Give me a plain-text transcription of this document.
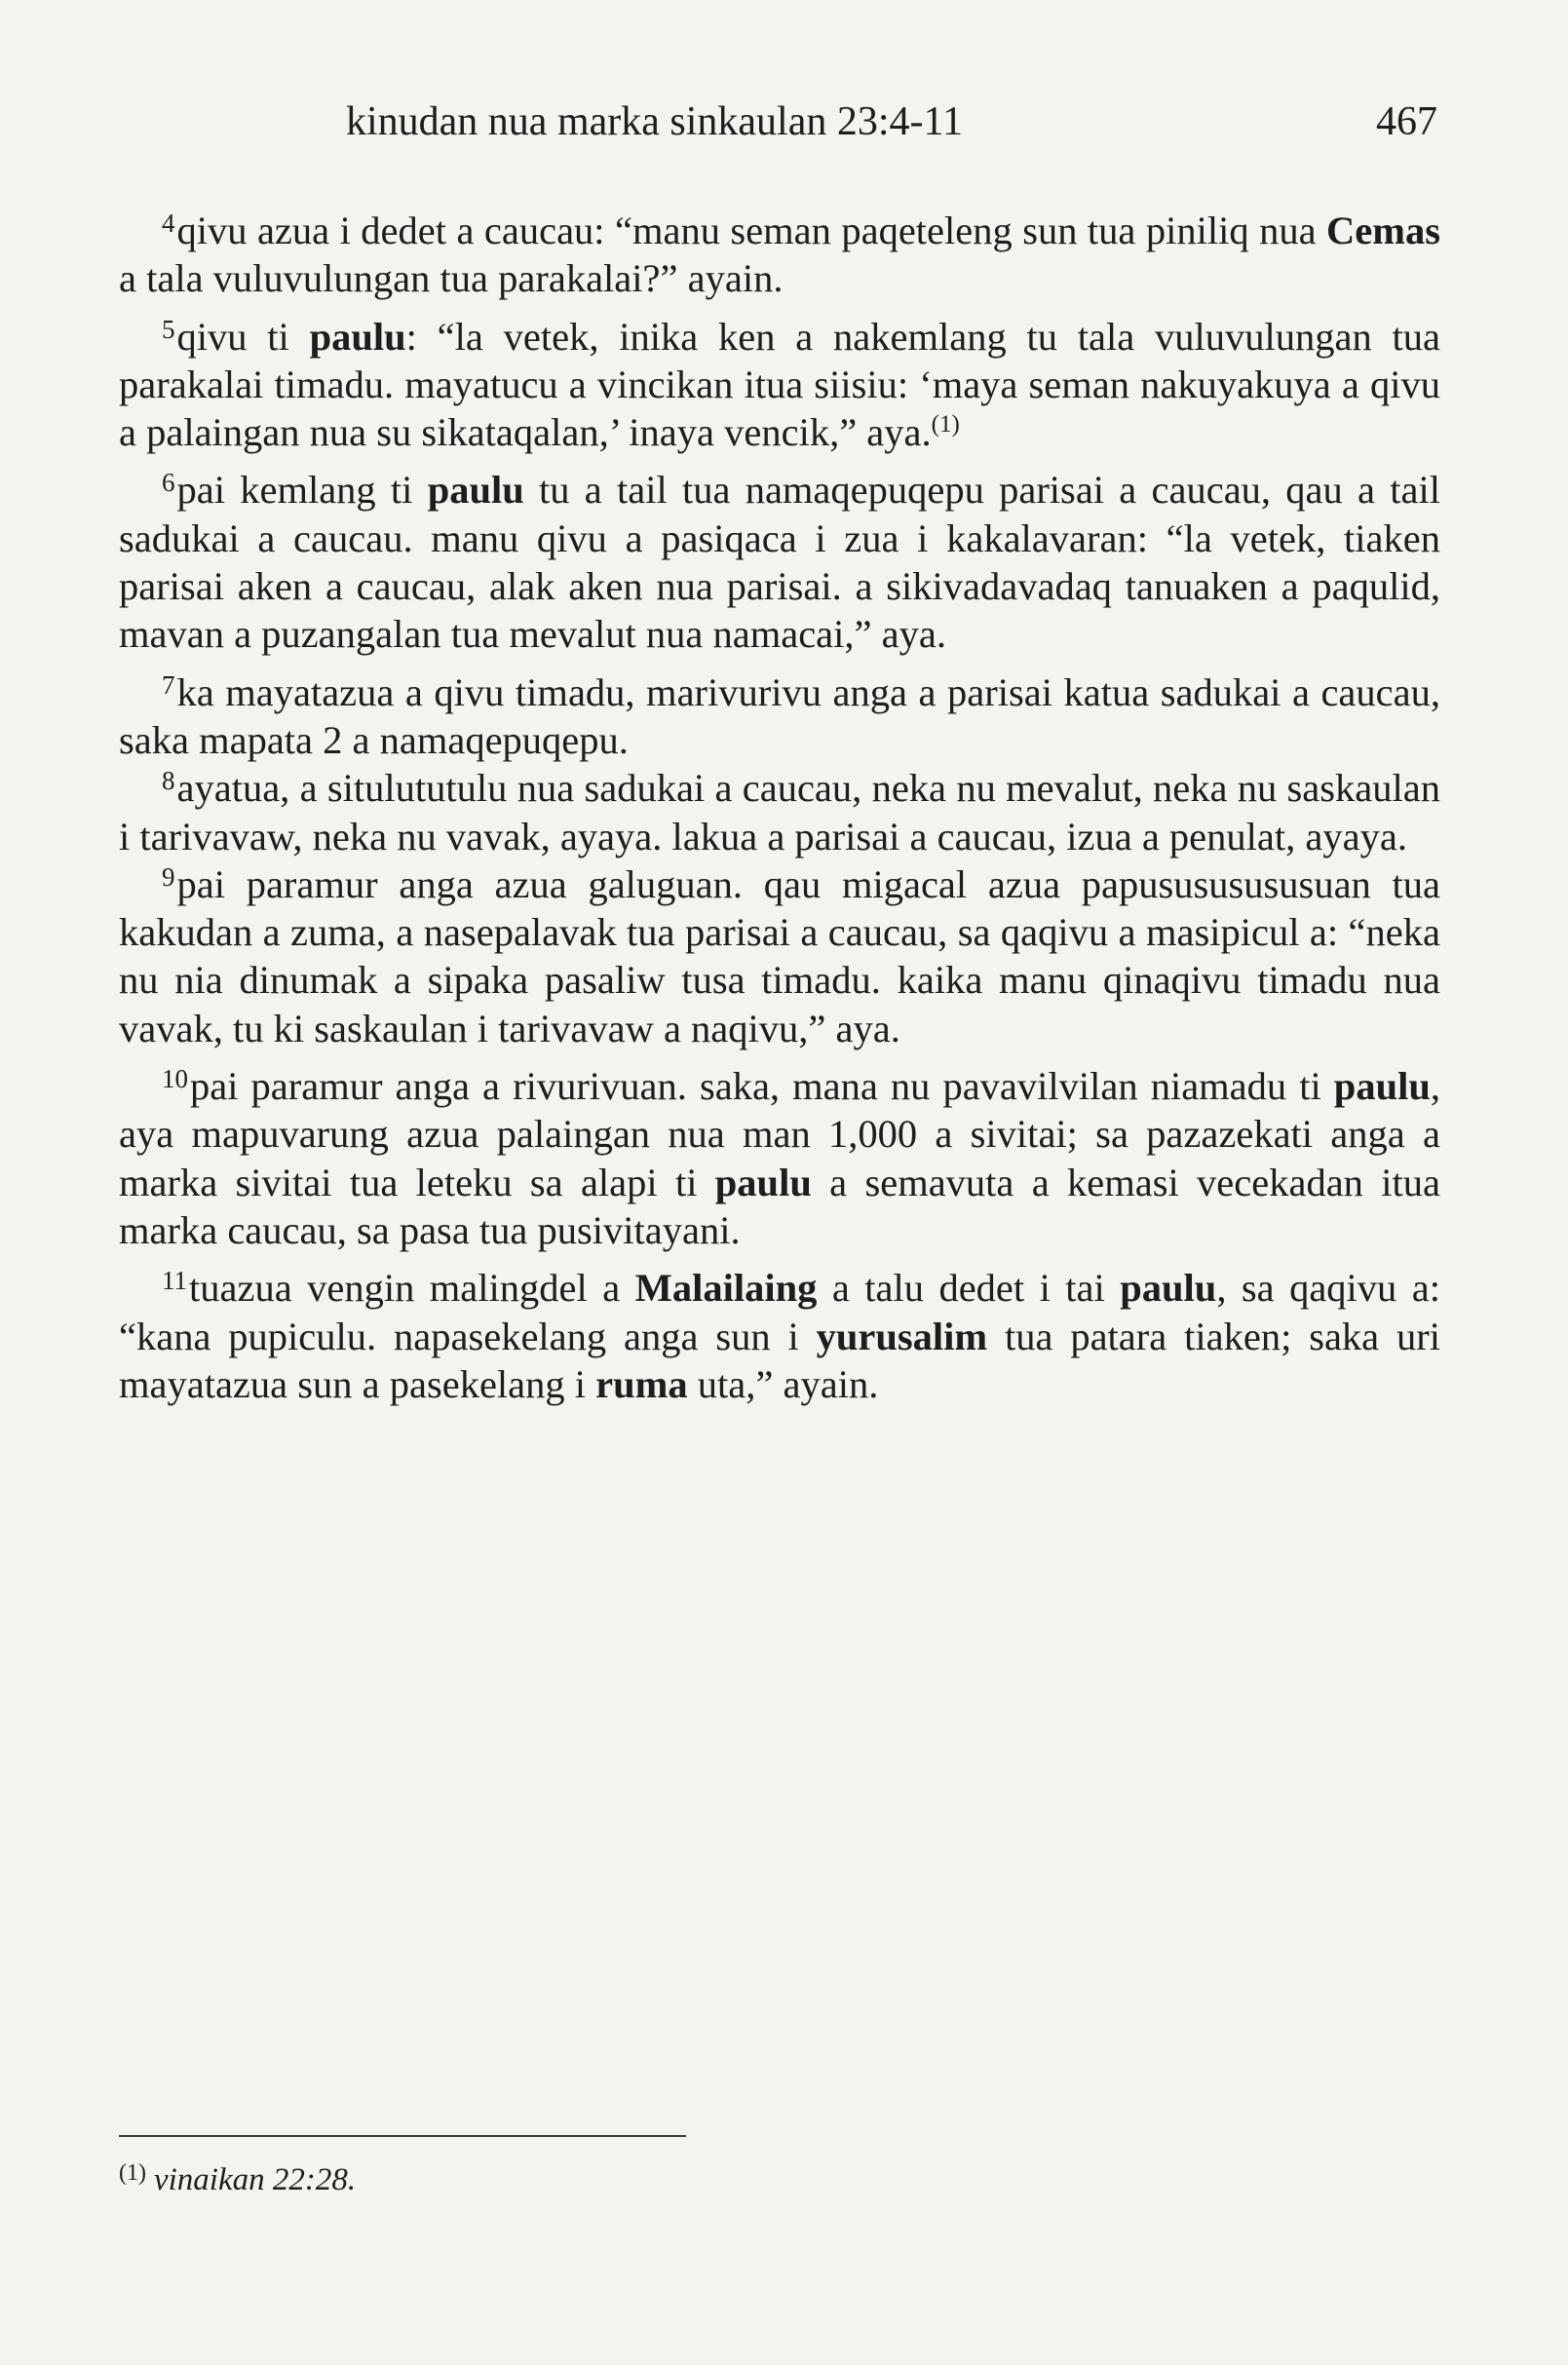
kinudan nua marka sinkaulan 23:4-11	467

$^4$qivu azua i dedet a caucau: “manu seman paqeteleng sun tua piniliq nua Cemas a tala vuluvulungan tua parakalai?” ayain.

$^5$qivu ti paulu: “la vetek, inika ken a nakemlang tu tala vuluvulungan tua parakalai timadu. mayatucu a vincikan itua siisiu: ‘maya seman nakuyakuya a qivu a palaingan nua su sikataqalan,’ inaya vencik,” aya.$^{(1)}$

$^6$pai kemlang ti paulu tu a tail tua namaqepuqepu parisai a caucau, qau a tail sadukai a caucau. manu qivu a pasiqaca i zua i kakalavaran: “la vetek, tiaken parisai aken a caucau, alak aken nua parisai. a sikivadavadaq tanuaken a paqulid, mavan a puzangalan tua mevalut nua namacai,” aya.

$^7$ka mayatazua a qivu timadu, marivurivu anga a parisai katua sadukai a caucau, saka mapata 2 a namaqepuqepu.

$^8$ayatua, a situlututulu nua sadukai a caucau, neka nu mevalut, neka nu saskaulan i tarivavaw, neka nu vavak, ayaya. lakua a parisai a caucau, izua a penulat, ayaya.

$^9$pai paramur anga azua galuguan. qau migacal azua papusususususuan tua kakudan a zuma, a nasepalavak tua parisai a caucau, sa qaqivu a masipicul a: “neka nu nia dinumak a sipaka pasaliw tusa timadu. kaika manu qinaqivu timadu nua vavak, tu ki saskaulan i tarivavaw a naqivu,” aya.

$^{10}$pai paramur anga a rivurivuan. saka, mana nu pavavilvilan niamadu ti paulu, aya mapuvarung azua palaingan nua man 1,000 a sivitai; sa pazazekati anga a marka sivitai tua leteku sa alapi ti paulu a semavuta a kemasi vecekadan itua marka caucau, sa pasa tua pusivitayani.

$^{11}$tuazua vengin malingdel a Malailaing a talu dedet i tai paulu, sa qaqivu a: “kana pupiculu. napasekelang anga sun i yurusalim tua patara tiaken; saka uri mayatazua sun a pasekelang i ruma uta,” ayain.

$^{(1)}$ vinaikan 22:28.
